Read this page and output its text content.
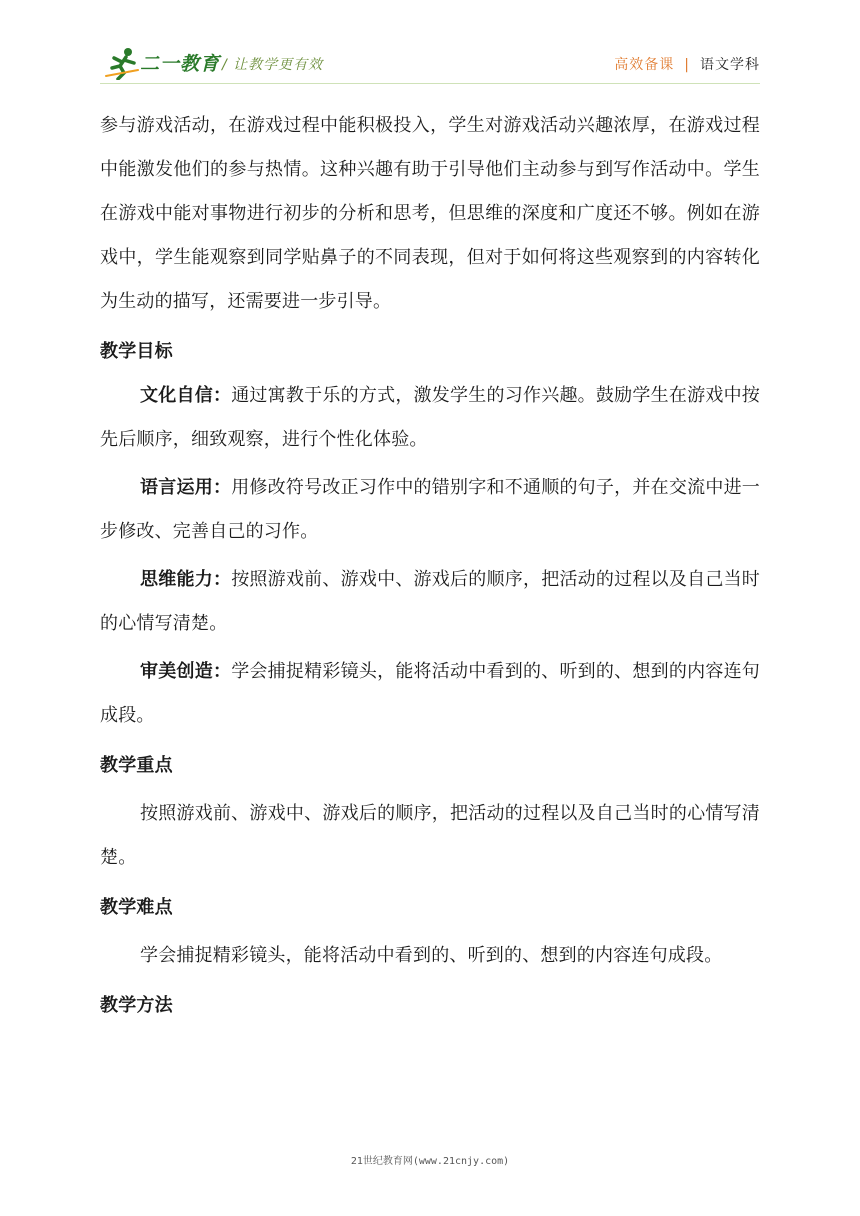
二一教育 / 让教学更有效	高效备课 | 语文学科

参与游戏活动，在游戏过程中能积极投入，学生对游戏活动兴趣浓厚，在游戏过程中能激发他们的参与热情。这种兴趣有助于引导他们主动参与到写作活动中。学生在游戏中能对事物进行初步的分析和思考，但思维的深度和广度还不够。例如在游戏中，学生能观察到同学贴鼻子的不同表现，但对于如何将这些观察到的内容转化为生动的描写，还需要进一步引导。

教学目标

文化自信：通过寓教于乐的方式，激发学生的习作兴趣。鼓励学生在游戏中按先后顺序，细致观察，进行个性化体验。

语言运用：用修改符号改正习作中的错别字和不通顺的句子，并在交流中进一步修改、完善自己的习作。

思维能力：按照游戏前、游戏中、游戏后的顺序，把活动的过程以及自己当时的心情写清楚。

审美创造：学会捕捉精彩镜头，能将活动中看到的、听到的、想到的内容连句成段。

教学重点

按照游戏前、游戏中、游戏后的顺序，把活动的过程以及自己当时的心情写清楚。

教学难点

学会捕捉精彩镜头，能将活动中看到的、听到的、想到的内容连句成段。

教学方法

21世纪教育网(www.21cnjy.com)
